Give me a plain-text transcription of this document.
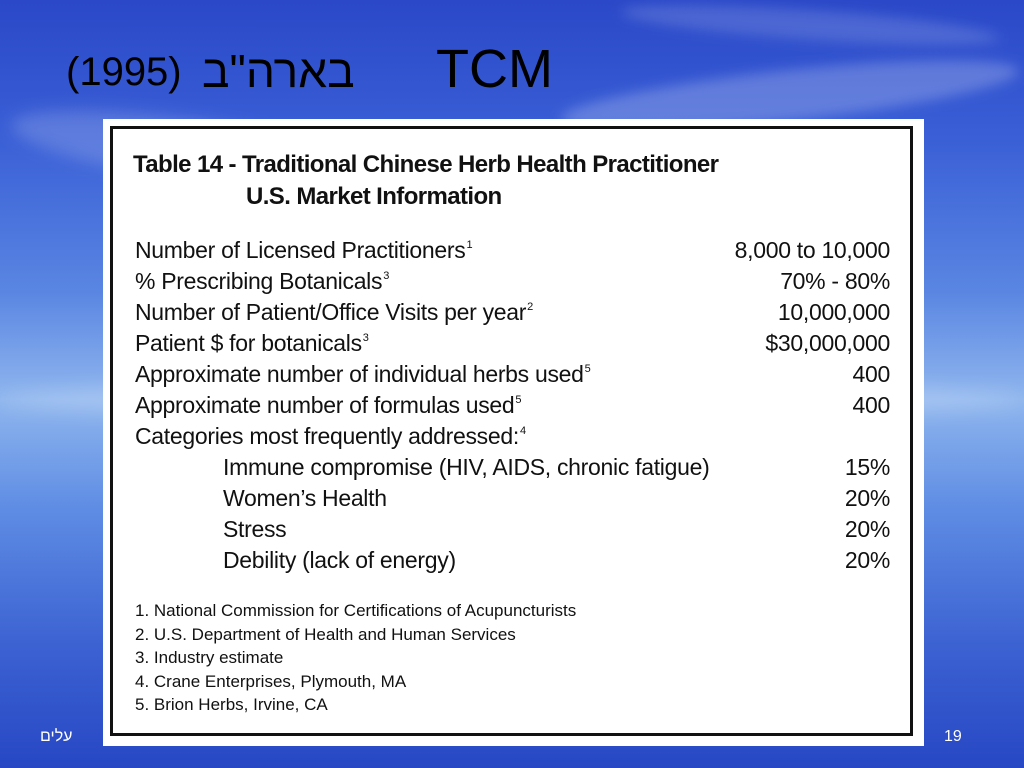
(1995) בארה"ב TCM
Table 14 - Traditional Chinese Herb Health Practitioner
U.S. Market Information
Number of Licensed Practitioners$^1$	8,000 to 10,000
% Prescribing Botanicals$^3$	70% - 80%
Number of Patient/Office Visits per year$^2$	10,000,000
Patient $ for botanicals$^3$	$30,000,000
Approximate number of individual herbs used$^5$	400
Approximate number of formulas used$^5$	400
Categories most frequently addressed:$^4$
Immune compromise (HIV, AIDS, chronic fatigue)	15%
Women’s Health	20%
Stress	20%
Debility (lack of energy)	20%
1. National Commission for Certifications of Acupuncturists
2. U.S. Department of Health and Human Services
3. Industry estimate
4. Crane Enterprises, Plymouth, MA
5. Brion Herbs, Irvine, CA
עלים	19
